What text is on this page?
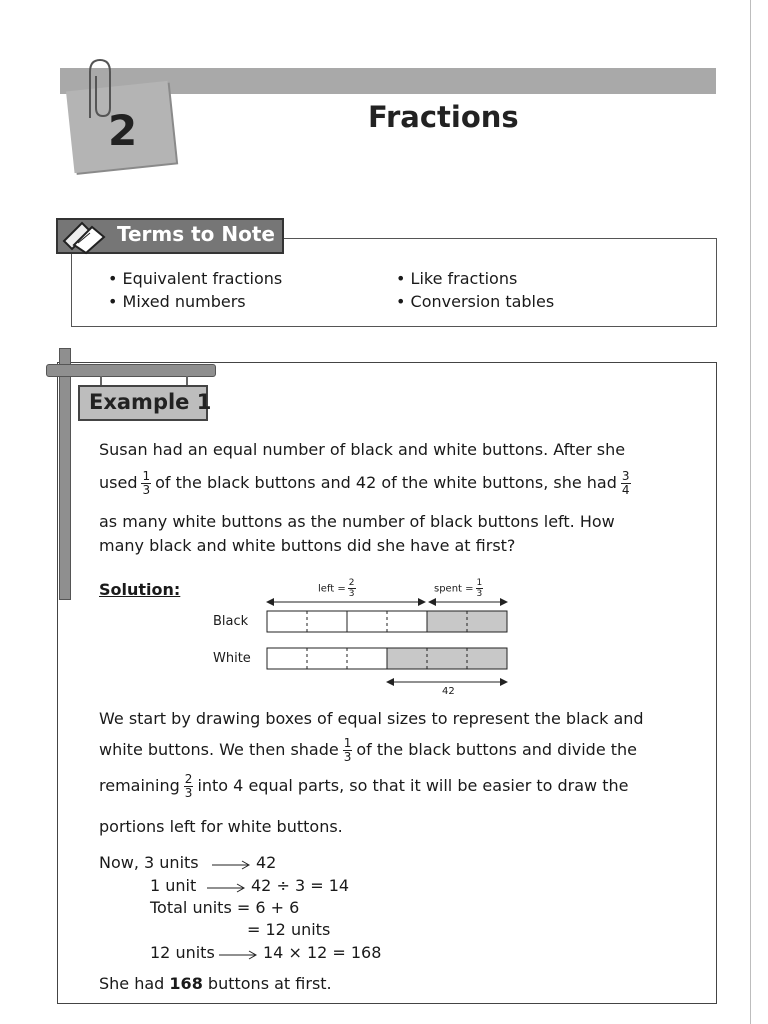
2	Fractions
Terms to Note
• Equivalent fractions
• Mixed numbers
• Like fractions
• Conversion tables
Example 1
Susan had an equal number of black and white buttons. After she
used $\frac{1}{3}$ of the black buttons and 42 of the white buttons, she had $\frac{3}{4}$
as many white buttons as the number of black buttons left. How
many black and white buttons did she have at first?
Solution:	left = $\frac{2}{3}$	spent = $\frac{1}{3}$
Black
White
42
We start by drawing boxes of equal sizes to represent the black and
white buttons. We then shade $\frac{1}{3}$ of the black buttons and divide the
remaining $\frac{2}{3}$ into 4 equal parts, so that it will be easier to draw the
portions left for white buttons.
Now, 3 units	42
1 unit	42 ÷ 3 = 14
Total units = 6 + 6
= 12 units
12 units	14 × 12 = 168
She had 168 buttons at first.
